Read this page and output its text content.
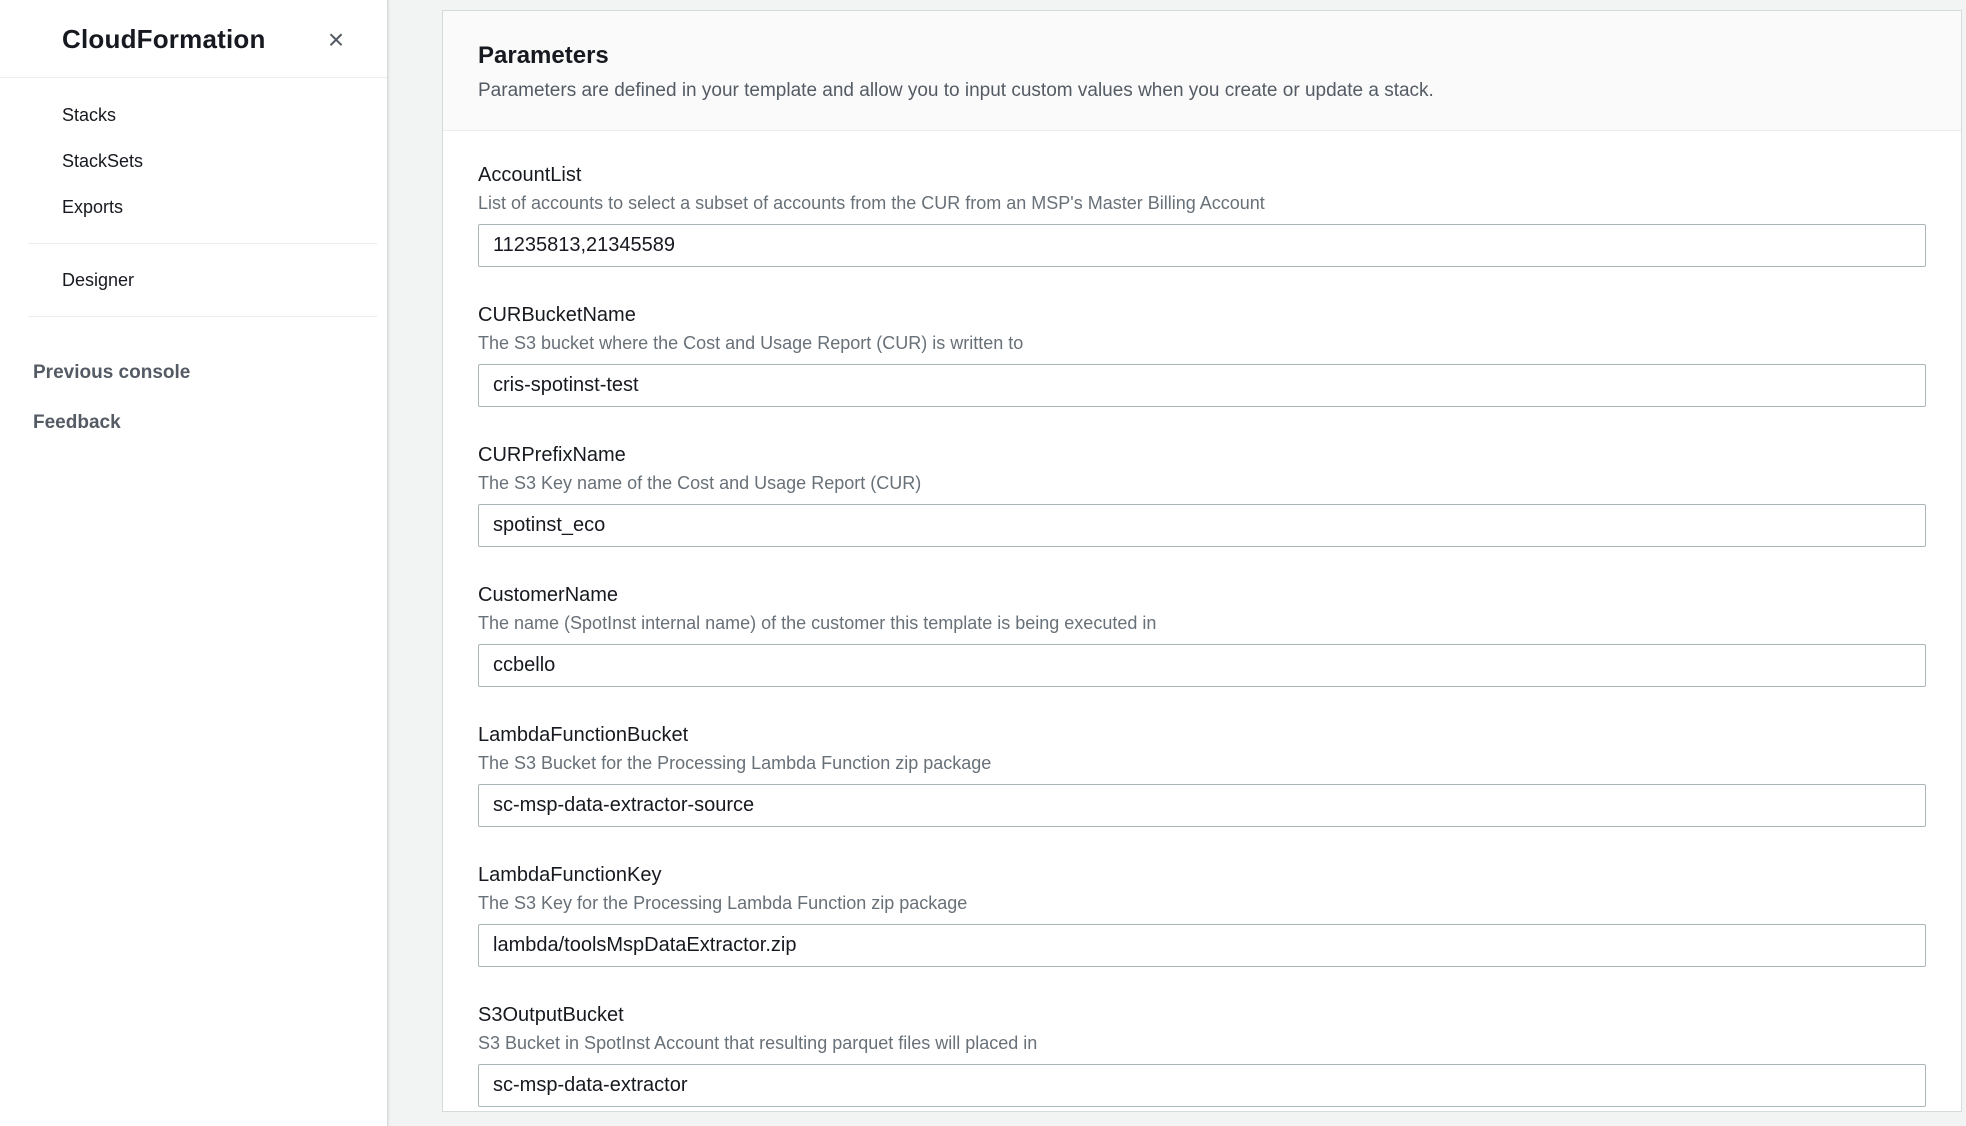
CloudFormation ×
Stacks
StackSets
Exports
Designer
Previous console
Feedback
Parameters
Parameters are defined in your template and allow you to input custom values when you create or update a stack.
AccountList
List of accounts to select a subset of accounts from the CUR from an MSP's Master Billing Account
11235813,21345589
CURBucketName
The S3 bucket where the Cost and Usage Report (CUR) is written to
cris-spotinst-test
CURPrefixName
The S3 Key name of the Cost and Usage Report (CUR)
spotinst_eco
CustomerName
The name (SpotInst internal name) of the customer this template is being executed in
ccbello
LambdaFunctionBucket
The S3 Bucket for the Processing Lambda Function zip package
sc-msp-data-extractor-source
LambdaFunctionKey
The S3 Key for the Processing Lambda Function zip package
lambda/toolsMspDataExtractor.zip
S3OutputBucket
S3 Bucket in SpotInst Account that resulting parquet files will placed in
sc-msp-data-extractor
